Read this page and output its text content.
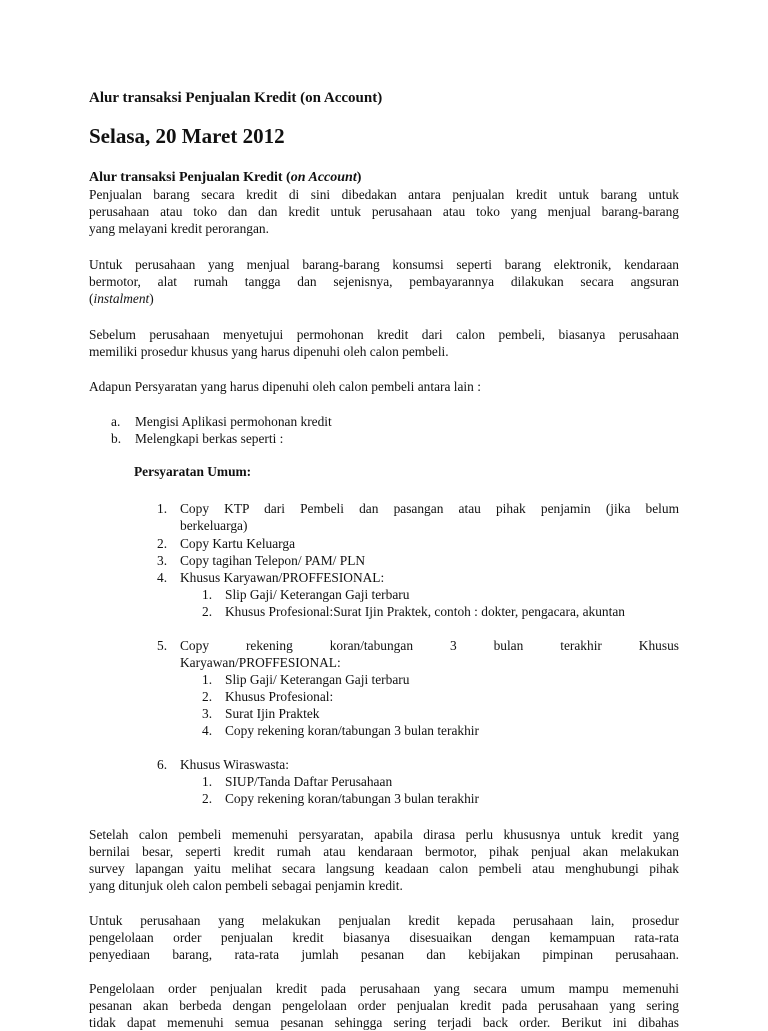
Alur transaksi Penjualan Kredit (on Account)
Selasa, 20 Maret 2012
Alur transaksi Penjualan Kredit (on Account)
Penjualan barang secara kredit di sini dibedakan antara penjualan kredit untuk barang untuk
perusahaan atau toko dan dan kredit untuk perusahaan atau toko yang menjual barang-barang
yang melayani kredit perorangan.
Untuk perusahaan yang menjual barang-barang konsumsi seperti barang elektronik, kendaraan
bermotor, alat rumah tangga dan sejenisnya, pembayarannya dilakukan secara angsuran
(instalment)
Sebelum perusahaan menyetujui permohonan kredit dari calon pembeli, biasanya perusahaan
memiliki prosedur khusus yang harus dipenuhi oleh calon pembeli.
Adapun Persyaratan yang harus dipenuhi oleh calon pembeli antara lain :
a. Mengisi Aplikasi permohonan kredit
b. Melengkapi berkas seperti :
Persyaratan Umum:
1. Copy KTP dari Pembeli dan pasangan atau pihak penjamin (jika belum
berkeluarga)
2. Copy Kartu Keluarga
3. Copy tagihan Telepon/ PAM/ PLN
4. Khusus Karyawan/PROFFESIONAL:
1. Slip Gaji/ Keterangan Gaji terbaru
2. Khusus Profesional:Surat Ijin Praktek, contoh : dokter, pengacara, akuntan
5. Copy rekening koran/tabungan 3 bulan terakhir Khusus
Karyawan/PROFFESIONAL:
1. Slip Gaji/ Keterangan Gaji terbaru
2. Khusus Profesional:
3. Surat Ijin Praktek
4. Copy rekening koran/tabungan 3 bulan terakhir
6. Khusus Wiraswasta:
1. SIUP/Tanda Daftar Perusahaan
2. Copy rekening koran/tabungan 3 bulan terakhir
Setelah calon pembeli memenuhi persyaratan, apabila dirasa perlu khususnya untuk kredit yang
bernilai besar, seperti kredit rumah atau kendaraan bermotor, pihak penjual akan melakukan
survey lapangan yaitu melihat secara langsung keadaan calon pembeli atau menghubungi pihak
yang ditunjuk oleh calon pembeli sebagai penjamin kredit.
Untuk perusahaan yang melakukan penjualan kredit kepada perusahaan lain, prosedur
pengelolaan order penjualan kredit biasanya disesuaikan dengan kemampuan rata-rata
penyediaan barang, rata-rata jumlah pesanan dan kebijakan pimpinan perusahaan.
Pengelolaan order penjualan kredit pada perusahaan yang secara umum mampu memenuhi
pesanan akan berbeda dengan pengelolaan order penjualan kredit pada perusahaan yang sering
tidak dapat memenuhi semua pesanan sehingga sering terjadi back order. Berikut ini dibahas
